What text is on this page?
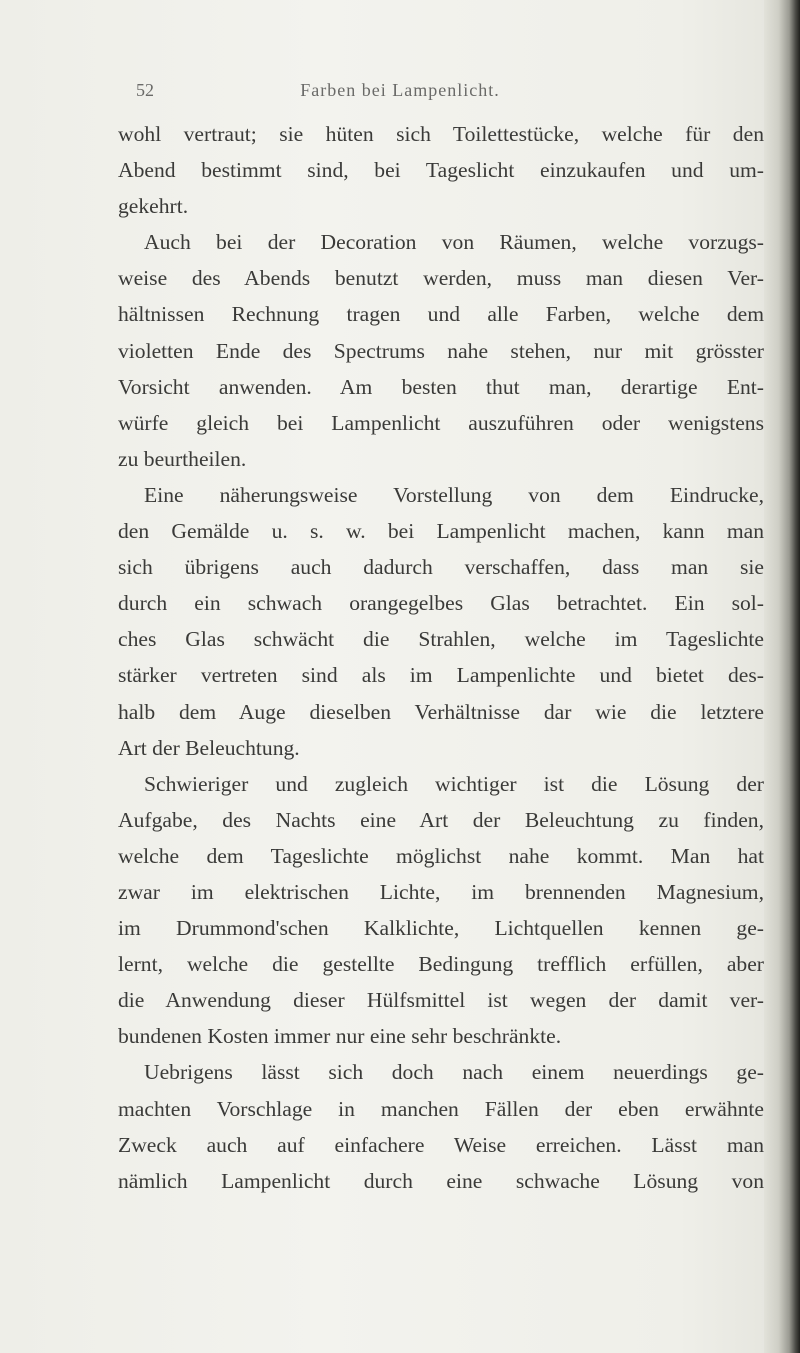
52	Farben bei Lampenlicht.
wohl vertraut; sie hüten sich Toilettestücke, welche für den
Abend bestimmt sind, bei Tageslicht einzukaufen und um-
gekehrt.
Auch bei der Decoration von Räumen, welche vorzugs-
weise des Abends benutzt werden, muss man diesen Ver-
hältnissen Rechnung tragen und alle Farben, welche dem
violetten Ende des Spectrums nahe stehen, nur mit grösster
Vorsicht anwenden. Am besten thut man, derartige Ent-
würfe gleich bei Lampenlicht auszuführen oder wenigstens
zu beurtheilen.
Eine näherungsweise Vorstellung von dem Eindrucke,
den Gemälde u. s. w. bei Lampenlicht machen, kann man
sich übrigens auch dadurch verschaffen, dass man sie
durch ein schwach orangegelbes Glas betrachtet. Ein sol-
ches Glas schwächt die Strahlen, welche im Tageslichte
stärker vertreten sind als im Lampenlichte und bietet des-
halb dem Auge dieselben Verhältnisse dar wie die letztere
Art der Beleuchtung.
Schwieriger und zugleich wichtiger ist die Lösung der
Aufgabe, des Nachts eine Art der Beleuchtung zu finden,
welche dem Tageslichte möglichst nahe kommt. Man hat
zwar im elektrischen Lichte, im brennenden Magnesium,
im Drummond'schen Kalklichte, Lichtquellen kennen ge-
lernt, welche die gestellte Bedingung trefflich erfüllen, aber
die Anwendung dieser Hülfsmittel ist wegen der damit ver-
bundenen Kosten immer nur eine sehr beschränkte.
Uebrigens lässt sich doch nach einem neuerdings ge-
machten Vorschlage in manchen Fällen der eben erwähnte
Zweck auch auf einfachere Weise erreichen. Lässt man
nämlich Lampenlicht durch eine schwache Lösung von
